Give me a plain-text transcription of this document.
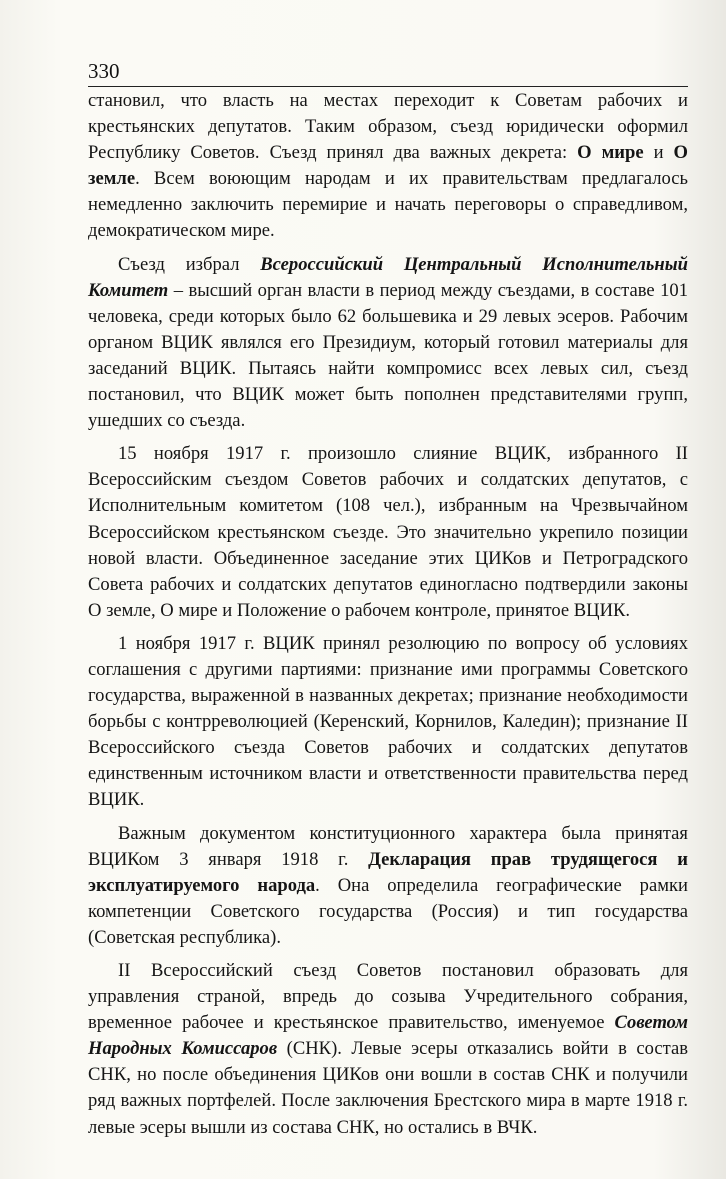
330

становил, что власть на местах переходит к Советам рабочих и крестьянских депутатов. Таким образом, съезд юридически оформил Республику Советов. Съезд принял два важных декрета: О мире и О земле. Всем воюющим народам и их правительствам предлагалось немедленно заключить перемирие и начать переговоры о справедливом, демократическом мире.

Съезд избрал Всероссийский Центральный Исполнительный Комитет – высший орган власти в период между съездами, в составе 101 человека, среди которых было 62 большевика и 29 левых эсеров. Рабочим органом ВЦИК являлся его Президиум, который готовил материалы для заседаний ВЦИК. Пытаясь найти компромисс всех левых сил, съезд постановил, что ВЦИК может быть пополнен представителями групп, ушедших со съезда.

15 ноября 1917 г. произошло слияние ВЦИК, избранного II Всероссийским съездом Советов рабочих и солдатских депутатов, с Исполнительным комитетом (108 чел.), избранным на Чрезвычайном Всероссийском крестьянском съезде. Это значительно укрепило позиции новой власти. Объединенное заседание этих ЦИКов и Петроградского Совета рабочих и солдатских депутатов единогласно подтвердили законы О земле, О мире и Положение о рабочем контроле, принятое ВЦИК.

1 ноября 1917 г. ВЦИК принял резолюцию по вопросу об условиях соглашения с другими партиями: признание ими программы Советского государства, выраженной в названных декретах; признание необходимости борьбы с контрреволюцией (Керенский, Корнилов, Каледин); признание II Всероссийского съезда Советов рабочих и солдатских депутатов единственным источником власти и ответственности правительства перед ВЦИК.

Важным документом конституционного характера была принятая ВЦИКом 3 января 1918 г. Декларация прав трудящегося и эксплуатируемого народа. Она определила географические рамки компетенции Советского государства (Россия) и тип государства (Советская республика).

II Всероссийский съезд Советов постановил образовать для управления страной, впредь до созыва Учредительного собрания, временное рабочее и крестьянское правительство, именуемое Советом Народных Комиссаров (СНК). Левые эсеры отказались войти в состав СНК, но после объединения ЦИКов они вошли в состав СНК и получили ряд важных портфелей. После заключения Брестского мира в марте 1918 г. левые эсеры вышли из состава СНК, но остались в ВЧК.
